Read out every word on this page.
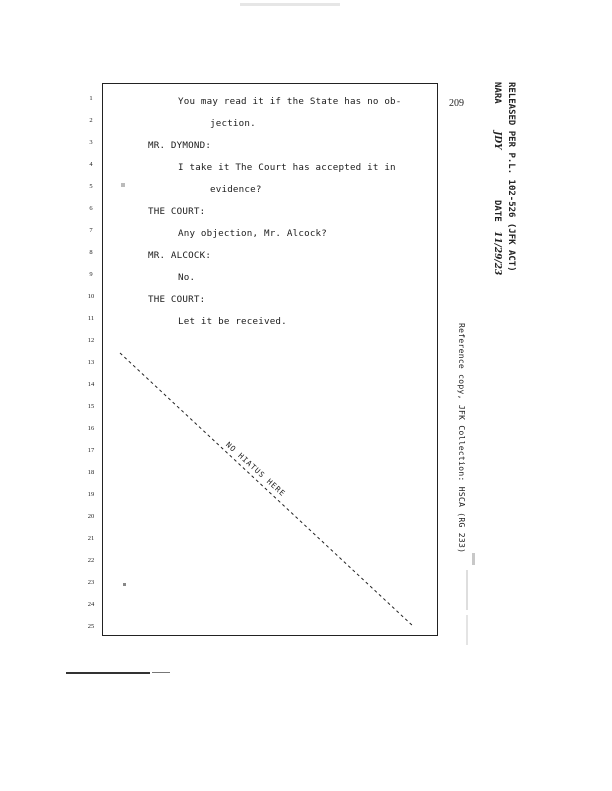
1
2
3
4
5
6
7
8
9
10
11
12
13
14
15
16
17
18
19
20
21
22
23
24
25
209
You may read it if the State has no ob-
jection.
MR. DYMOND:
I take it The Court has accepted it in
evidence?
THE COURT:
Any objection, Mr. Alcock?
MR. ALCOCK:
No.
THE COURT:
Let it be received.
NO HIATUS HERE
RELEASED PER P.L. 102-526 (JFK ACT)
NARA JDY
DATE 11/29/23
Reference copy, JFK Collection: HSCA (RG 233)
